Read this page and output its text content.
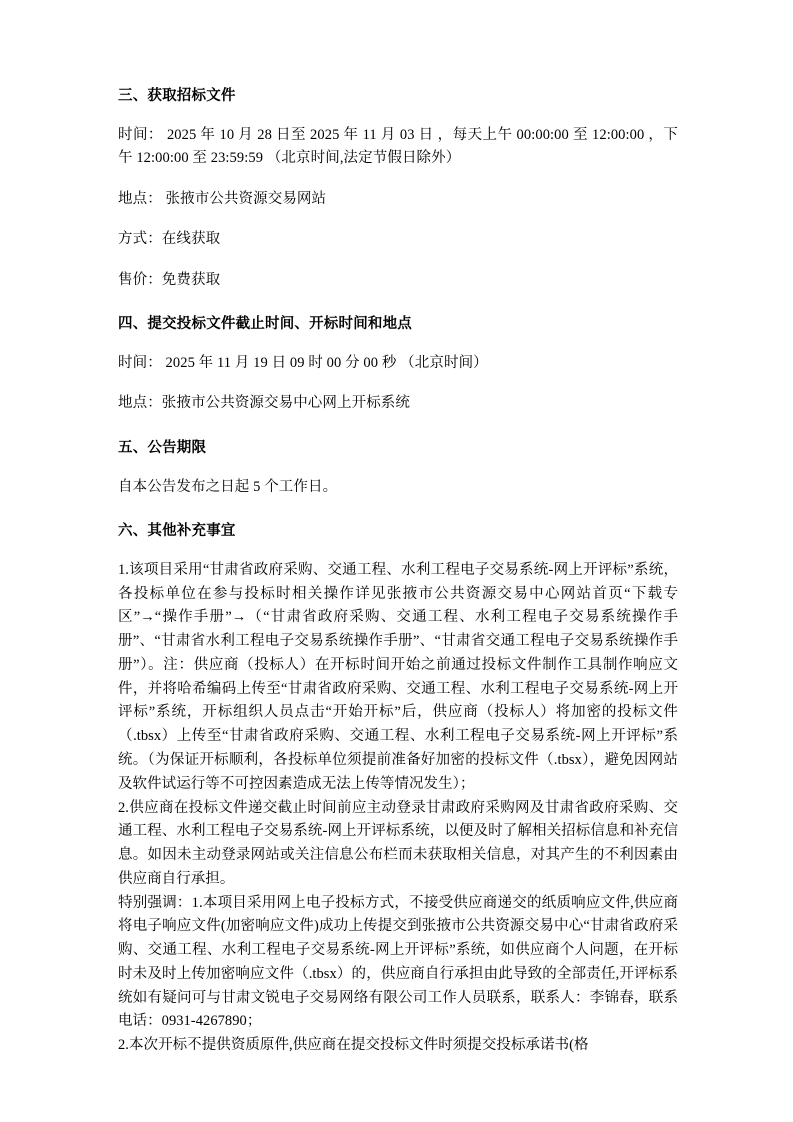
三、获取招标文件

时间： 2025 年 10 月 28 日至 2025 年 11 月 03 日 ，每天上午 00:00:00 至 12:00:00 ，下午 12:00:00 至 23:59:59 （北京时间,法定节假日除外）

地点： 张掖市公共资源交易网站

方式：在线获取

售价：免费获取

四、提交投标文件截止时间、开标时间和地点

时间： 2025 年 11 月 19 日 09 时 00 分 00 秒 （北京时间）

地点：张掖市公共资源交易中心网上开标系统

五、公告期限

自本公告发布之日起 5 个工作日。

六、其他补充事宜

1.该项目采用“甘肃省政府采购、交通工程、水利工程电子交易系统-网上开评标”系统，各投标单位在参与投标时相关操作详见张掖市公共资源交易中心网站首页“下载专区”→“操作手册”→（“甘肃省政府采购、交通工程、水利工程电子交易系统操作手册”、“甘肃省水利工程电子交易系统操作手册”、“甘肃省交通工程电子交易系统操作手册”）。注：供应商（投标人）在开标时间开始之前通过投标文件制作工具制作响应文件，并将哈希编码上传至“甘肃省政府采购、交通工程、水利工程电子交易系统-网上开评标”系统，开标组织人员点击“开始开标”后，供应商（投标人）将加密的投标文件（.tbsx）上传至“甘肃省政府采购、交通工程、水利工程电子交易系统-网上开评标”系统。（为保证开标顺利，各投标单位须提前准备好加密的投标文件（.tbsx），避免因网站及软件试运行等不可控因素造成无法上传等情况发生）；

2.供应商在投标文件递交截止时间前应主动登录甘肃政府采购网及甘肃省政府采购、交通工程、水利工程电子交易系统-网上开评标系统，以便及时了解相关招标信息和补充信息。如因未主动登录网站或关注信息公布栏而未获取相关信息，对其产生的不利因素由供应商自行承担。

特别强调：1.本项目采用网上电子投标方式，不接受供应商递交的纸质响应文件,供应商将电子响应文件(加密响应文件)成功上传提交到张掖市公共资源交易中心“甘肃省政府采购、交通工程、水利工程电子交易系统-网上开评标”系统，如供应商个人问题，在开标时未及时上传加密响应文件（.tbsx）的，供应商自行承担由此导致的全部责任,开评标系统如有疑问可与甘肃文锐电子交易网络有限公司工作人员联系，联系人：李锦春，联系电话：0931-4267890；

2.本次开标不提供资质原件,供应商在提交投标文件时须提交投标承诺书(格
